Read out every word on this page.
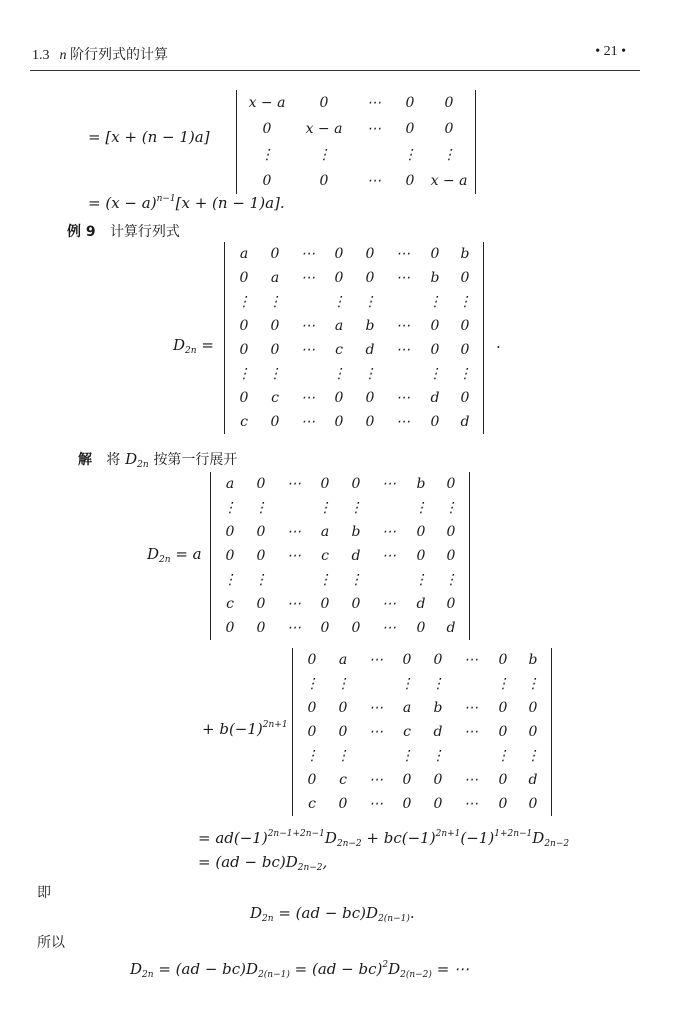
1.3 n 阶行列式的计算	• 21 •
= [x + (n − 1)a]
x − a	0	⋯	0	0
0	x − a	⋯	0	0
⋮	⋮		⋮	⋮
0	0	⋯	0	x − a
= $(x - a)^{n-1}[x + (n - 1)a]$.
例 9 计算行列式
$D_{2n}$ =
a	0	⋯	0	0	⋯	0	b
0	a	⋯	0	0	⋯	b	0
⋮	⋮		⋮	⋮		⋮	⋮
0	0	⋯	a	b	⋯	0	0
0	0	⋯	c	d	⋯	0	0
⋮	⋮		⋮	⋮		⋮	⋮
0	c	⋯	0	0	⋯	d	0
c	0	⋯	0	0	⋯	0	d
.
解 将 $D_{2n}$ 按第一行展开
$D_{2n} = a$
a	0	⋯	0	0	⋯	b	0
⋮	⋮		⋮	⋮		⋮	⋮
0	0	⋯	a	b	⋯	0	0
0	0	⋯	c	d	⋯	0	0
⋮	⋮		⋮	⋮		⋮	⋮
c	0	⋯	0	0	⋯	d	0
0	0	⋯	0	0	⋯	0	d
+ $b(-1)^{2n+1}$
0	a	⋯	0	0	⋯	0	b
⋮	⋮		⋮	⋮		⋮	⋮
0	0	⋯	a	b	⋯	0	0
0	0	⋯	c	d	⋯	0	0
⋮	⋮		⋮	⋮		⋮	⋮
0	c	⋯	0	0	⋯	0	d
c	0	⋯	0	0	⋯	0	0
= $ad(-1)^{2n-1+2n-1}D_{2n-2} + bc(-1)^{2n+1}(-1)^{1+2n-1}D_{2n-2}$
= $(ad - bc)D_{2n-2}$,
即
$D_{2n} = (ad - bc)D_{2(n-1)}$.
所以
$D_{2n} = (ad - bc)D_{2(n-1)} = (ad - bc)^2D_{2(n-2)}$ = ⋯
